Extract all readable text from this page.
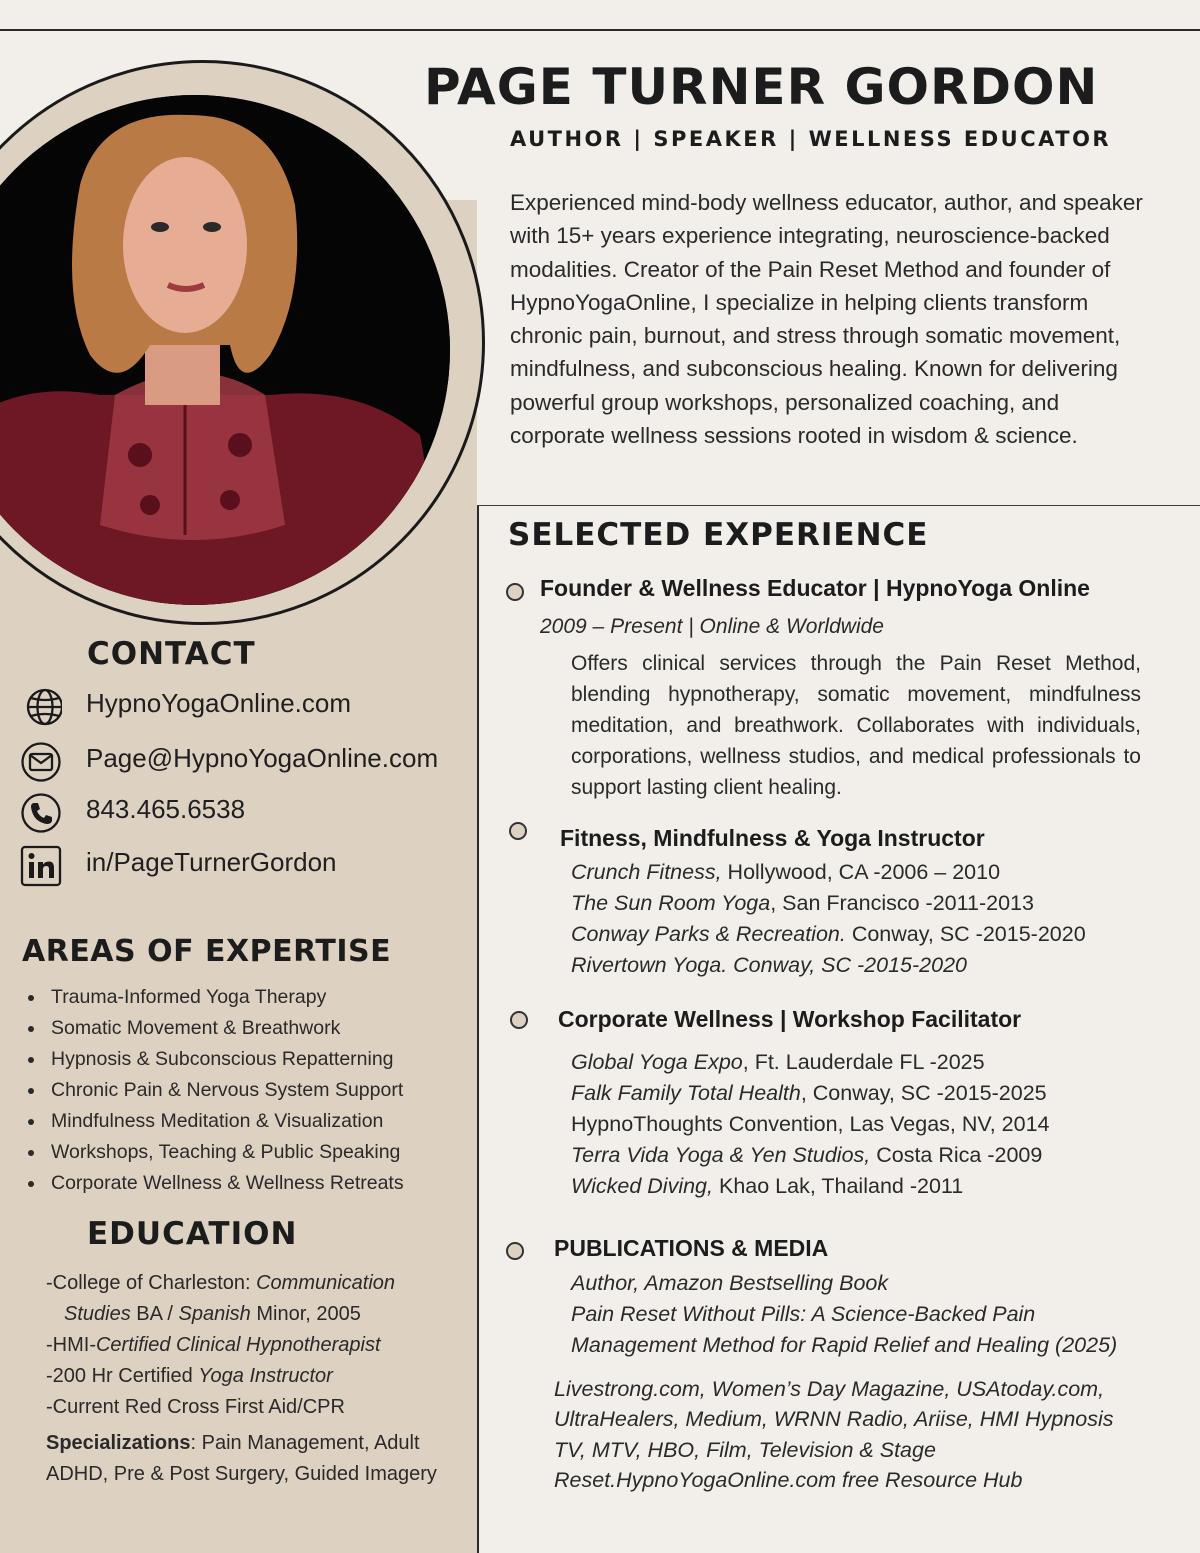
PAGE TURNER GORDON
AUTHOR | SPEAKER | WELLNESS EDUCATOR
Experienced mind-body wellness educator, author, and speaker with 15+ years experience integrating, neuroscience-backed modalities. Creator of the Pain Reset Method and founder of HypnoYogaOnline, I specialize in helping clients transform chronic pain, burnout, and stress through somatic movement, mindfulness, and subconscious healing. Known for delivering powerful group workshops, personalized coaching, and corporate wellness sessions rooted in wisdom & science.
CONTACT
HypnoYogaOnline.com
Page@HypnoYogaOnline.com
843.465.6538
in/PageTurnerGordon
AREAS OF EXPERTISE
Trauma-Informed Yoga Therapy
Somatic Movement & Breathwork
Hypnosis & Subconscious Repatterning
Chronic Pain & Nervous System Support
Mindfulness Meditation & Visualization
Workshops, Teaching & Public Speaking
Corporate Wellness & Wellness Retreats
EDUCATION
-College of Charleston: Communication
Studies BA / Spanish Minor, 2005
-HMI-Certified Clinical Hypnotherapist
-200 Hr Certified Yoga Instructor
-Current Red Cross First Aid/CPR
Specializations: Pain Management, Adult ADHD, Pre & Post Surgery, Guided Imagery
SELECTED EXPERIENCE
Founder & Wellness Educator | HypnoYoga Online
2009 – Present | Online & Worldwide
Offers clinical services through the Pain Reset Method, blending hypnotherapy, somatic movement, mindfulness meditation, and breathwork. Collaborates with individuals, corporations, wellness studios, and medical professionals to support lasting client healing.
Fitness, Mindfulness & Yoga Instructor
Crunch Fitness, Hollywood, CA -2006 – 2010
The Sun Room Yoga, San Francisco -2011-2013
Conway Parks & Recreation. Conway, SC -2015-2020
Rivertown Yoga. Conway, SC -2015-2020
Corporate Wellness | Workshop Facilitator
Global Yoga Expo, Ft. Lauderdale FL -2025
Falk Family Total Health, Conway, SC -2015-2025
HypnoThoughts Convention, Las Vegas, NV, 2014
Terra Vida Yoga & Yen Studios, Costa Rica -2009
Wicked Diving, Khao Lak, Thailand -2011
PUBLICATIONS & MEDIA
Author, Amazon Bestselling Book
Pain Reset Without Pills: A Science-Backed Pain
Management Method for Rapid Relief and Healing (2025)
Livestrong.com, Women’s Day Magazine, USAtoday.com,
UltraHealers, Medium, WRNN Radio, Ariise, HMI Hypnosis
TV, MTV, HBO, Film, Television & Stage
Reset.HypnoYogaOnline.com free Resource Hub
